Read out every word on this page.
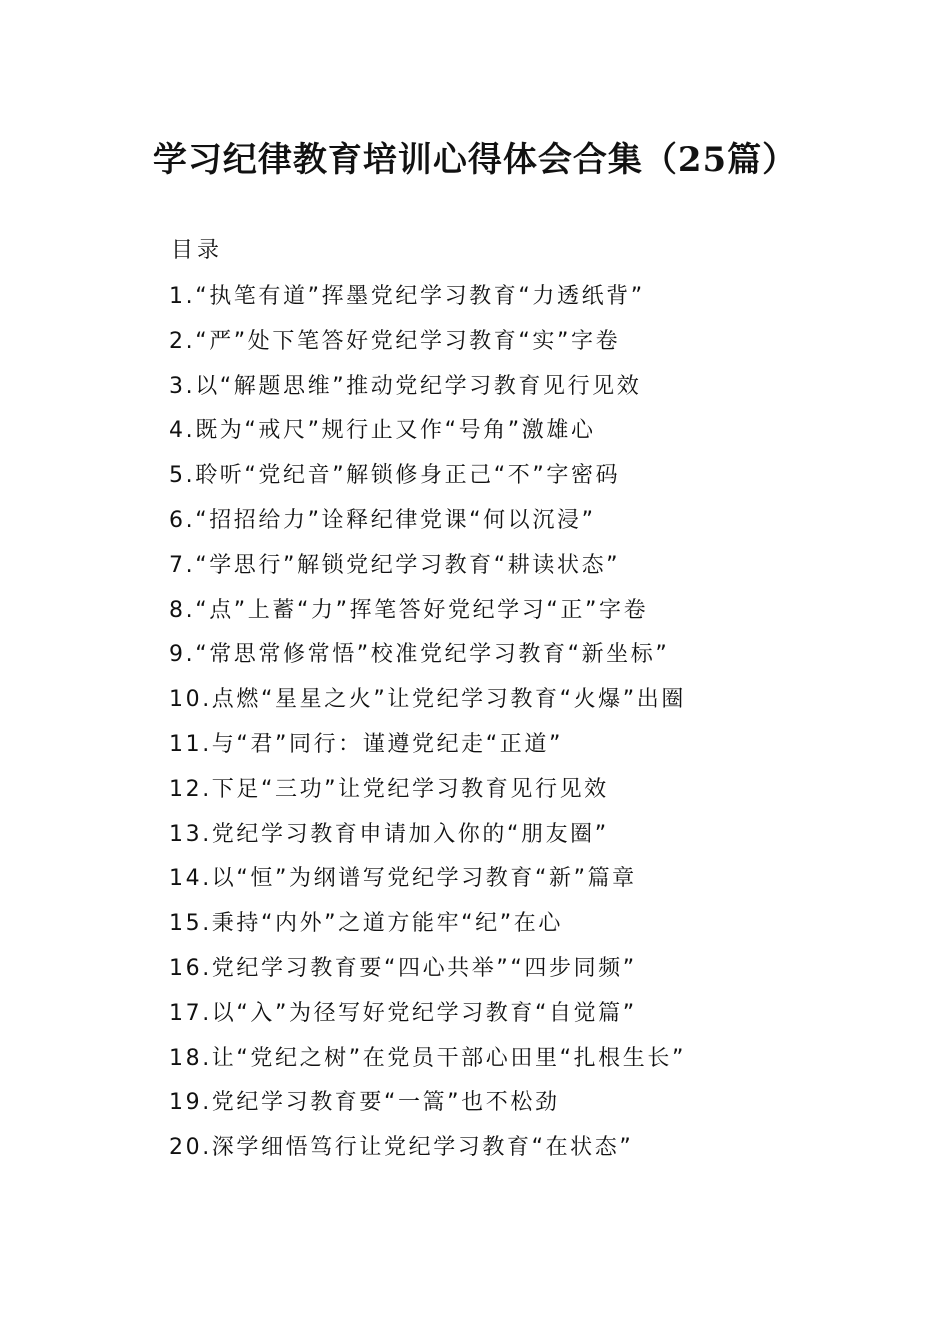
学习纪律教育培训心得体会合集（25篇）
目录
1.“执笔有道”挥墨党纪学习教育“力透纸背”
2.“严”处下笔答好党纪学习教育“实”字卷
3.以“解题思维”推动党纪学习教育见行见效
4.既为“戒尺”规行止又作“号角”激雄心
5.聆听“党纪音”解锁修身正己“不”字密码
6.“招招给力”诠释纪律党课“何以沉浸”
7.“学思行”解锁党纪学习教育“耕读状态”
8.“点”上蓄“力”挥笔答好党纪学习“正”字卷
9.“常思常修常悟”校准党纪学习教育“新坐标”
10.点燃“星星之火”让党纪学习教育“火爆”出圈
11.与“君”同行：谨遵党纪走“正道”
12.下足“三功”让党纪学习教育见行见效
13.党纪学习教育申请加入你的“朋友圈”
14.以“恒”为纲谱写党纪学习教育“新”篇章
15.秉持“内外”之道方能牢“纪”在心
16.党纪学习教育要“四心共举”“四步同频”
17.以“入”为径写好党纪学习教育“自觉篇”
18.让“党纪之树”在党员干部心田里“扎根生长”
19.党纪学习教育要“一篙”也不松劲
20.深学细悟笃行让党纪学习教育“在状态”
